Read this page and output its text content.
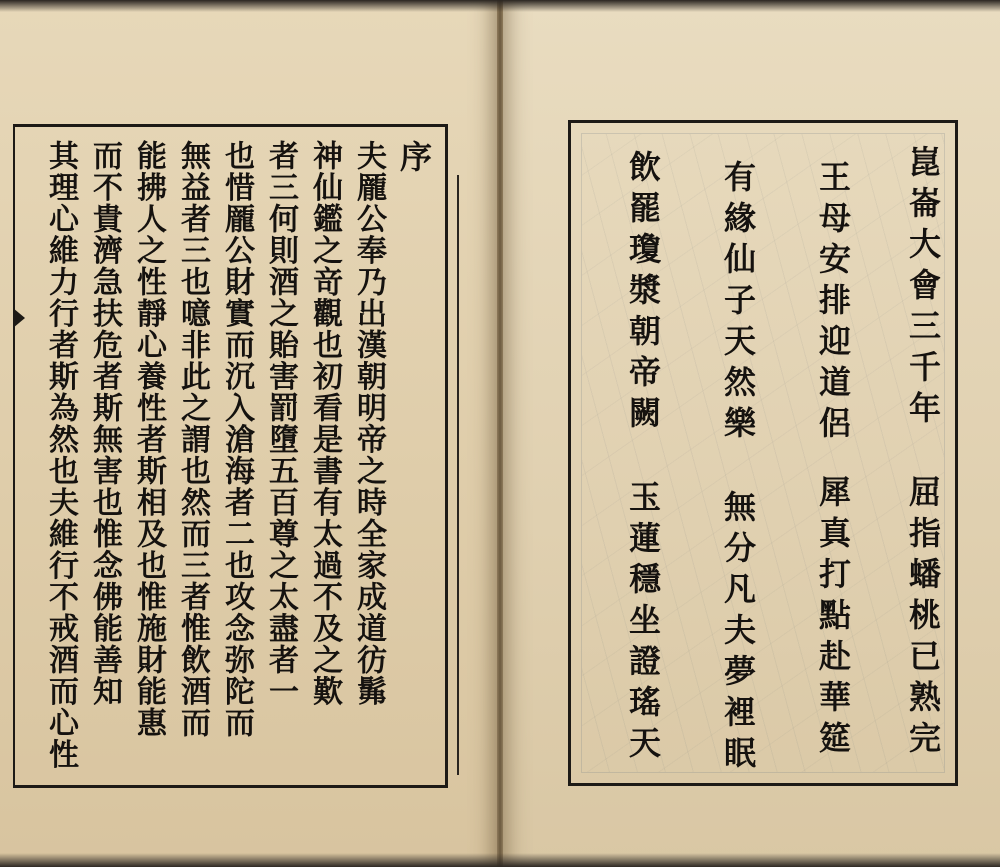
序
夫龎公奉乃出漢朝明帝之時全家成道彷髴
神仙鑑之竒觀也初看是書有太過不及之歎
者三何則酒之貽害罰墮五百尊之太盡者一
也惜龎公財實而沉入滄海者二也攻念弥陀而
無益者三也噫非此之謂也然而三者惟飲酒而
能拂人之性靜心養性者斯相及也惟施財能惠
而不貴濟急扶危者斯無害也惟念佛能善知
其理心維力行者斯為然也夫維行不戒酒而心性	崑崙大會三千年
屈指蟠桃已熟完
王母安排迎道侶
犀真打點赴華筵
有緣仙子天然樂
無分凡夫夢裡眠
飲罷瓊漿朝帝闕
玉蓮穩坐證瑤天
